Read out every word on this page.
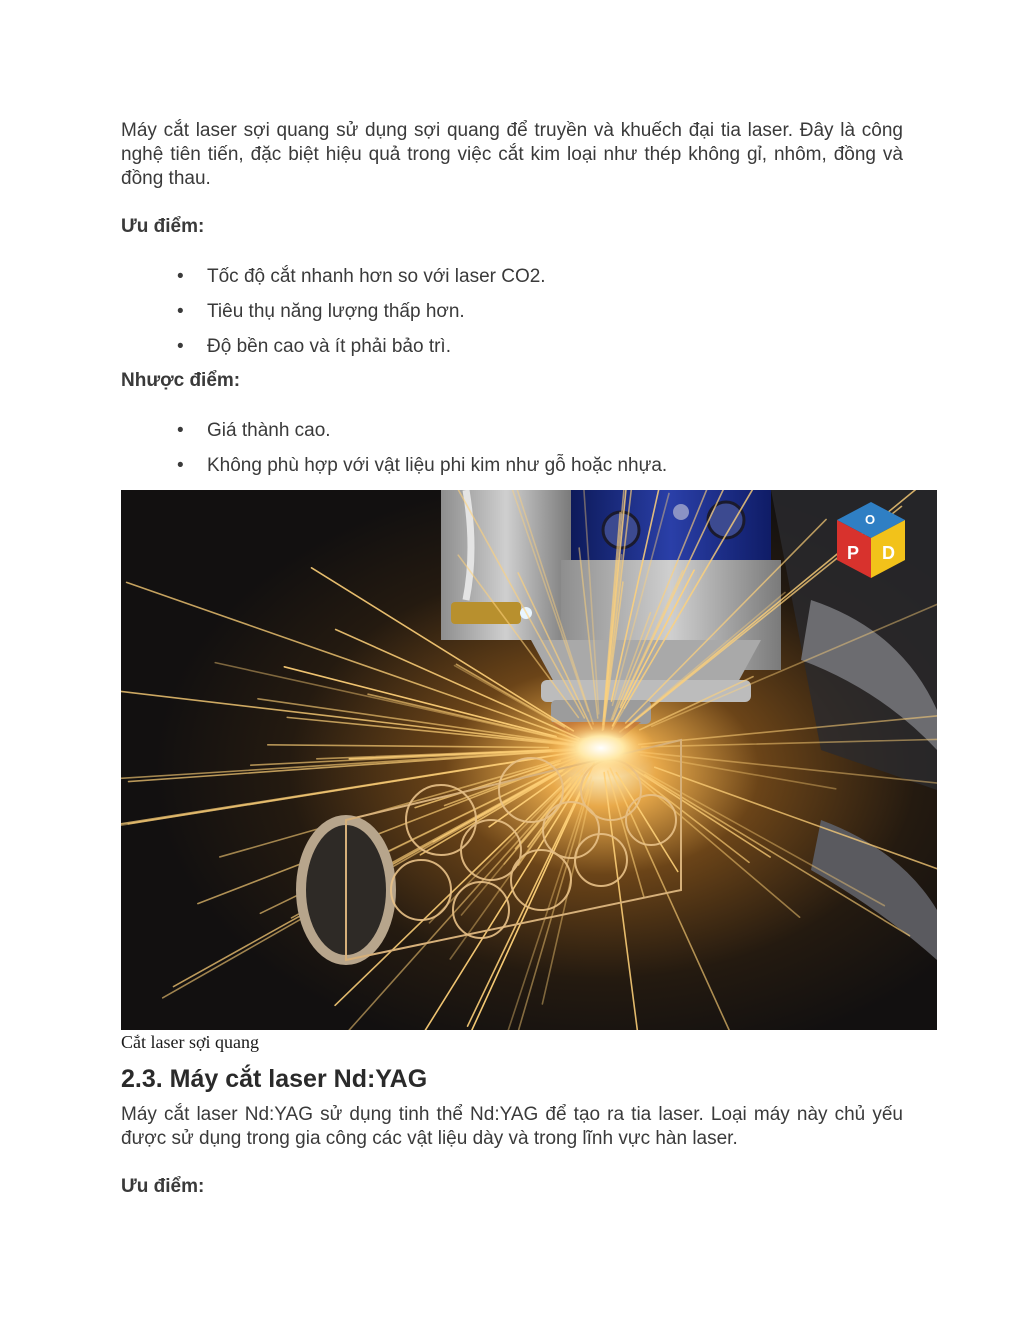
Máy cắt laser sợi quang sử dụng sợi quang để truyền và khuếch đại tia laser. Đây là công nghệ tiên tiến, đặc biệt hiệu quả trong việc cắt kim loại như thép không gỉ, nhôm, đồng và đồng thau.

Ưu điểm:

• Tốc độ cắt nhanh hơn so với laser CO2.
• Tiêu thụ năng lượng thấp hơn.
• Độ bền cao và ít phải bảo trì.

Nhược điểm:

• Giá thành cao.
• Không phù hợp với vật liệu phi kim như gỗ hoặc nhựa.
O
P D
Cắt laser sợi quang
2.3. Máy cắt laser Nd:YAG

Máy cắt laser Nd:YAG sử dụng tinh thể Nd:YAG để tạo ra tia laser. Loại máy này chủ yếu được sử dụng trong gia công các vật liệu dày và trong lĩnh vực hàn laser.

Ưu điểm:
